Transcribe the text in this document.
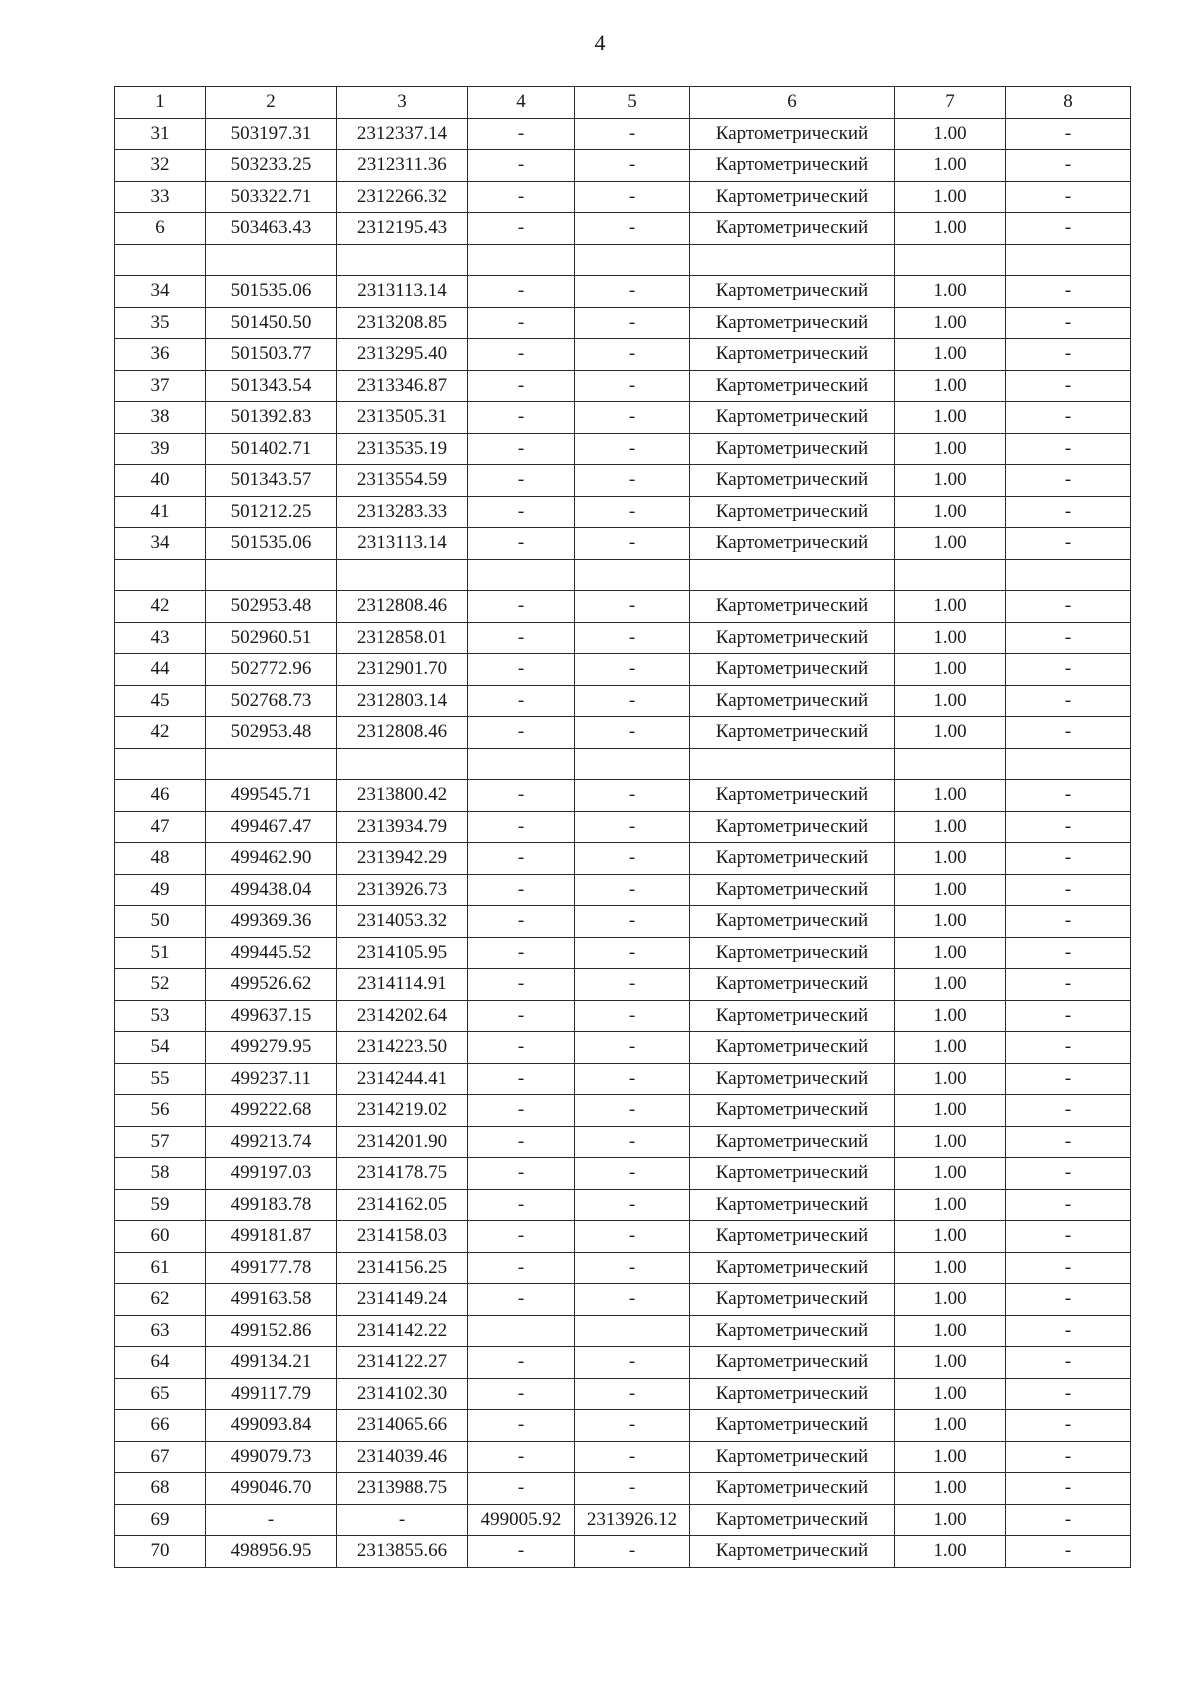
4
1	2	3	4	5	6	7	8
31	503197.31	2312337.14	-	-	Картометрический	1.00	-
32	503233.25	2312311.36	-	-	Картометрический	1.00	-
33	503322.71	2312266.32	-	-	Картометрический	1.00	-
6	503463.43	2312195.43	-	-	Картометрический	1.00	-

34	501535.06	2313113.14	-	-	Картометрический	1.00	-
35	501450.50	2313208.85	-	-	Картометрический	1.00	-
36	501503.77	2313295.40	-	-	Картометрический	1.00	-
37	501343.54	2313346.87	-	-	Картометрический	1.00	-
38	501392.83	2313505.31	-	-	Картометрический	1.00	-
39	501402.71	2313535.19	-	-	Картометрический	1.00	-
40	501343.57	2313554.59	-	-	Картометрический	1.00	-
41	501212.25	2313283.33	-	-	Картометрический	1.00	-
34	501535.06	2313113.14	-	-	Картометрический	1.00	-

42	502953.48	2312808.46	-	-	Картометрический	1.00	-
43	502960.51	2312858.01	-	-	Картометрический	1.00	-
44	502772.96	2312901.70	-	-	Картометрический	1.00	-
45	502768.73	2312803.14	-	-	Картометрический	1.00	-
42	502953.48	2312808.46	-	-	Картометрический	1.00	-

46	499545.71	2313800.42	-	-	Картометрический	1.00	-
47	499467.47	2313934.79	-	-	Картометрический	1.00	-
48	499462.90	2313942.29	-	-	Картометрический	1.00	-
49	499438.04	2313926.73	-	-	Картометрический	1.00	-
50	499369.36	2314053.32	-	-	Картометрический	1.00	-
51	499445.52	2314105.95	-	-	Картометрический	1.00	-
52	499526.62	2314114.91	-	-	Картометрический	1.00	-
53	499637.15	2314202.64	-	-	Картометрический	1.00	-
54	499279.95	2314223.50	-	-	Картометрический	1.00	-
55	499237.11	2314244.41	-	-	Картометрический	1.00	-
56	499222.68	2314219.02	-	-	Картометрический	1.00	-
57	499213.74	2314201.90	-	-	Картометрический	1.00	-
58	499197.03	2314178.75	-	-	Картометрический	1.00	-
59	499183.78	2314162.05	-	-	Картометрический	1.00	-
60	499181.87	2314158.03	-	-	Картометрический	1.00	-
61	499177.78	2314156.25	-	-	Картометрический	1.00	-
62	499163.58	2314149.24	-	-	Картометрический	1.00	-
63	499152.86	2314142.22			Картометрический	1.00	-
64	499134.21	2314122.27	-	-	Картометрический	1.00	-
65	499117.79	2314102.30	-	-	Картометрический	1.00	-
66	499093.84	2314065.66	-	-	Картометрический	1.00	-
67	499079.73	2314039.46	-	-	Картометрический	1.00	-
68	499046.70	2313988.75	-	-	Картометрический	1.00	-
69	-	-	499005.92	2313926.12	Картометрический	1.00	-
70	498956.95	2313855.66	-	-	Картометрический	1.00	-
